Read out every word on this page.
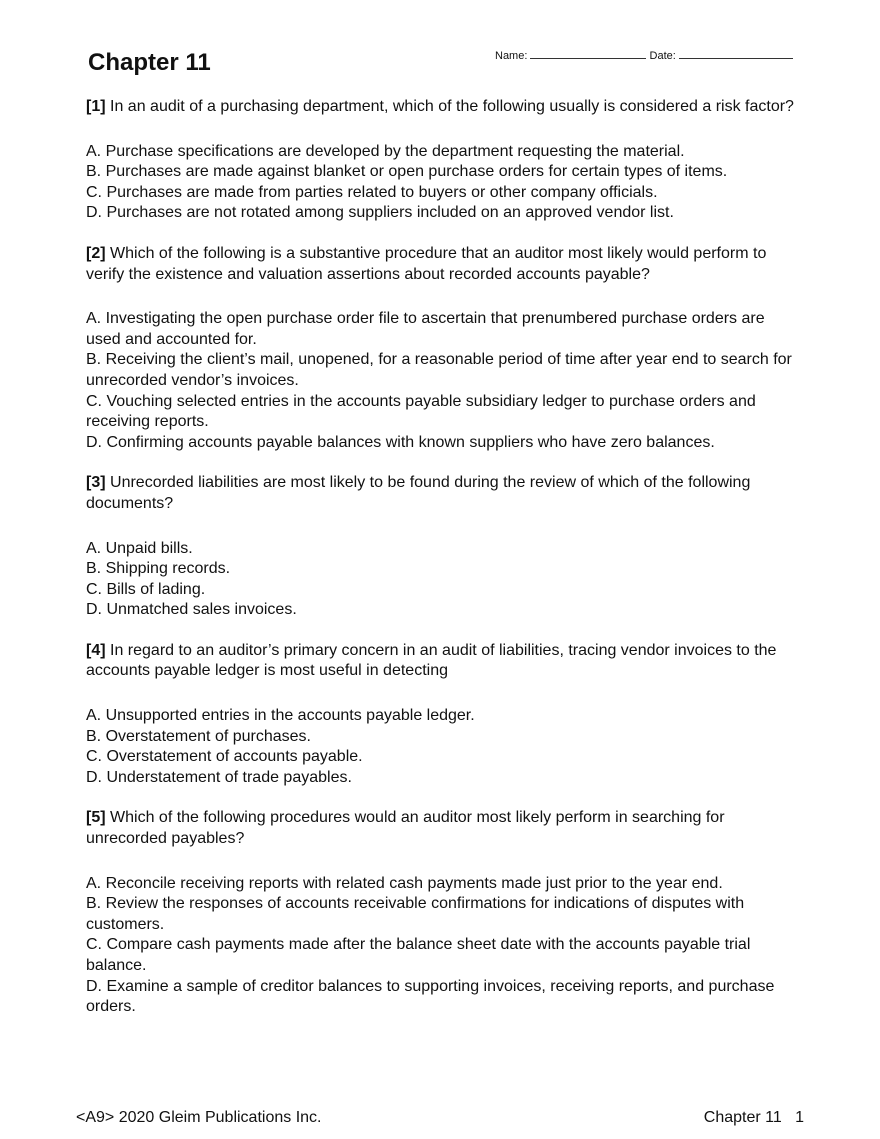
Chapter 11	Name:	Date:

[1] In an audit of a purchasing department, which of the following usually is considered a risk factor?

A. Purchase specifications are developed by the department requesting the material.

B. Purchases are made against blanket or open purchase orders for certain types of items.

C. Purchases are made from parties related to buyers or other company officials.

D. Purchases are not rotated among suppliers included on an approved vendor list.

[2] Which of the following is a substantive procedure that an auditor most likely would perform to verify the existence and valuation assertions about recorded accounts payable?

A. Investigating the open purchase order file to ascertain that prenumbered purchase orders are used and accounted for.

B. Receiving the client’s mail, unopened, for a reasonable period of time after year end to search for unrecorded vendor’s invoices.

C. Vouching selected entries in the accounts payable subsidiary ledger to purchase orders and receiving reports.

D. Confirming accounts payable balances with known suppliers who have zero balances.

[3] Unrecorded liabilities are most likely to be found during the review of which of the following documents?

A. Unpaid bills.

B. Shipping records.

C. Bills of lading.

D. Unmatched sales invoices.

[4] In regard to an auditor’s primary concern in an audit of liabilities, tracing vendor invoices to the accounts payable ledger is most useful in detecting

A. Unsupported entries in the accounts payable ledger.

B. Overstatement of purchases.

C. Overstatement of accounts payable.

D. Understatement of trade payables.

[5] Which of the following procedures would an auditor most likely perform in searching for unrecorded payables?

A. Reconcile receiving reports with related cash payments made just prior to the year end.

B. Review the responses of accounts receivable confirmations for indications of disputes with customers.

C. Compare cash payments made after the balance sheet date with the accounts payable trial balance.

D. Examine a sample of creditor balances to supporting invoices, receiving reports, and purchase orders.

<A9> 2020 Gleim Publications Inc.	Chapter 11 1
